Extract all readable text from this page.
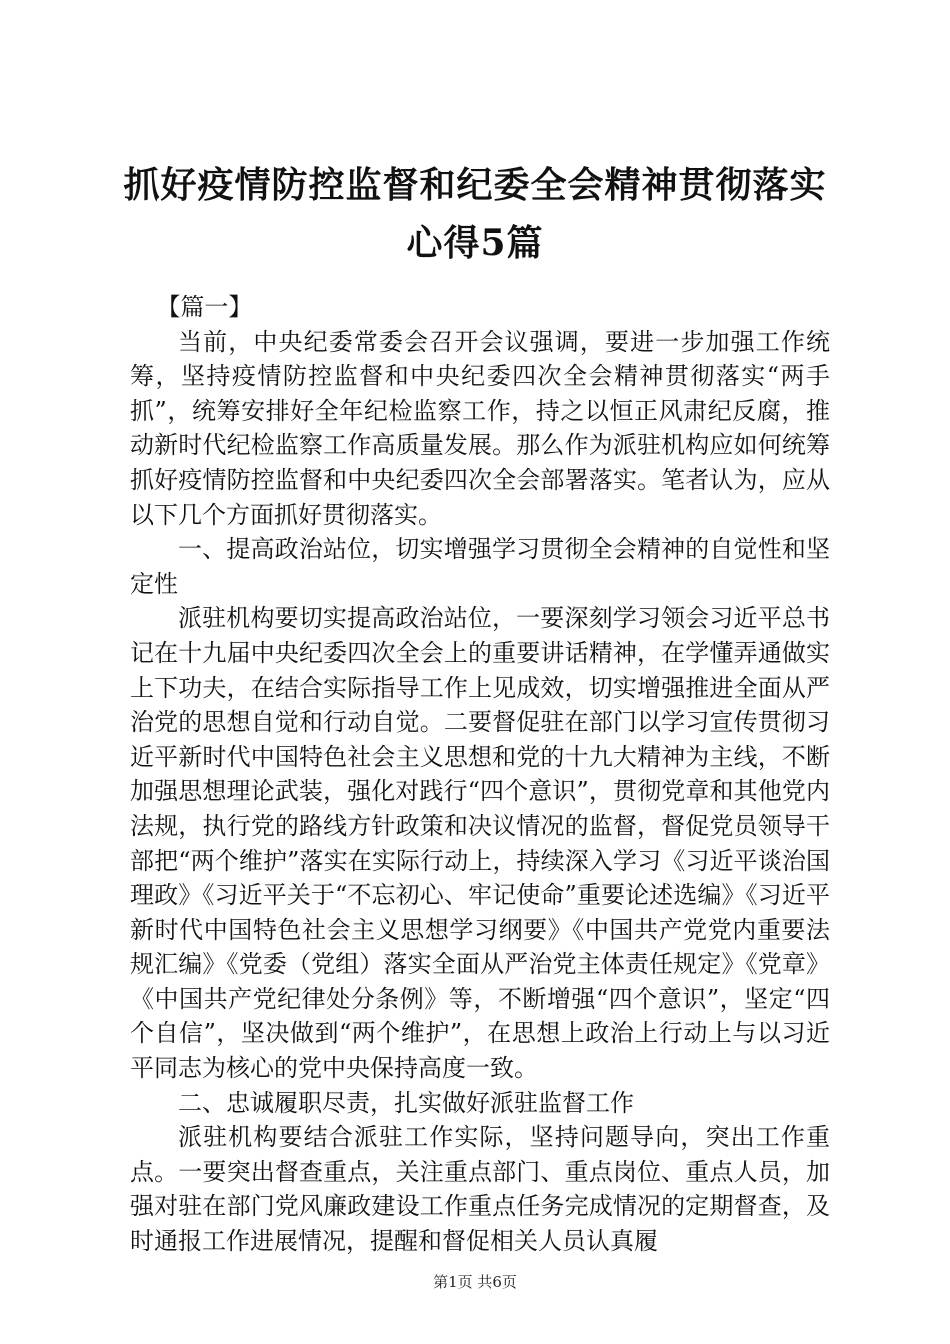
抓好疫情防控监督和纪委全会精神贯彻落实心得5篇

【篇一】

当前，中央纪委常委会召开会议强调，要进一步加强工作统筹，坚持疫情防控监督和中央纪委四次全会精神贯彻落实“两手抓”，统筹安排好全年纪检监察工作，持之以恒正风肃纪反腐，推动新时代纪检监察工作高质量发展。那么作为派驻机构应如何统筹抓好疫情防控监督和中央纪委四次全会部署落实。笔者认为，应从以下几个方面抓好贯彻落实。

一、提高政治站位，切实增强学习贯彻全会精神的自觉性和坚定性

派驻机构要切实提高政治站位，一要深刻学习领会习近平总书记在十九届中央纪委四次全会上的重要讲话精神，在学懂弄通做实上下功夫，在结合实际指导工作上见成效，切实增强推进全面从严治党的思想自觉和行动自觉。二要督促驻在部门以学习宣传贯彻习近平新时代中国特色社会主义思想和党的十九大精神为主线，不断加强思想理论武装，强化对践行“四个意识”，贯彻党章和其他党内法规，执行党的路线方针政策和决议情况的监督，督促党员领导干部把“两个维护”落实在实际行动上，持续深入学习《习近平谈治国理政》《习近平关于“不忘初心、牢记使命”重要论述选编》《习近平新时代中国特色社会主义思想学习纲要》《中国共产党党内重要法规汇编》《党委（党组）落实全面从严治党主体责任规定》《党章》《中国共产党纪律处分条例》等，不断增强“四个意识”，坚定“四个自信”，坚决做到“两个维护”，在思想上政治上行动上与以习近平同志为核心的党中央保持高度一致。

二、忠诚履职尽责，扎实做好派驻监督工作

派驻机构要结合派驻工作实际，坚持问题导向，突出工作重点。一要突出督查重点，关注重点部门、重点岗位、重点人员，加强对驻在部门党风廉政建设工作重点任务完成情况的定期督查，及时通报工作进展情况，提醒和督促相关人员认真履

第1页 共6页
